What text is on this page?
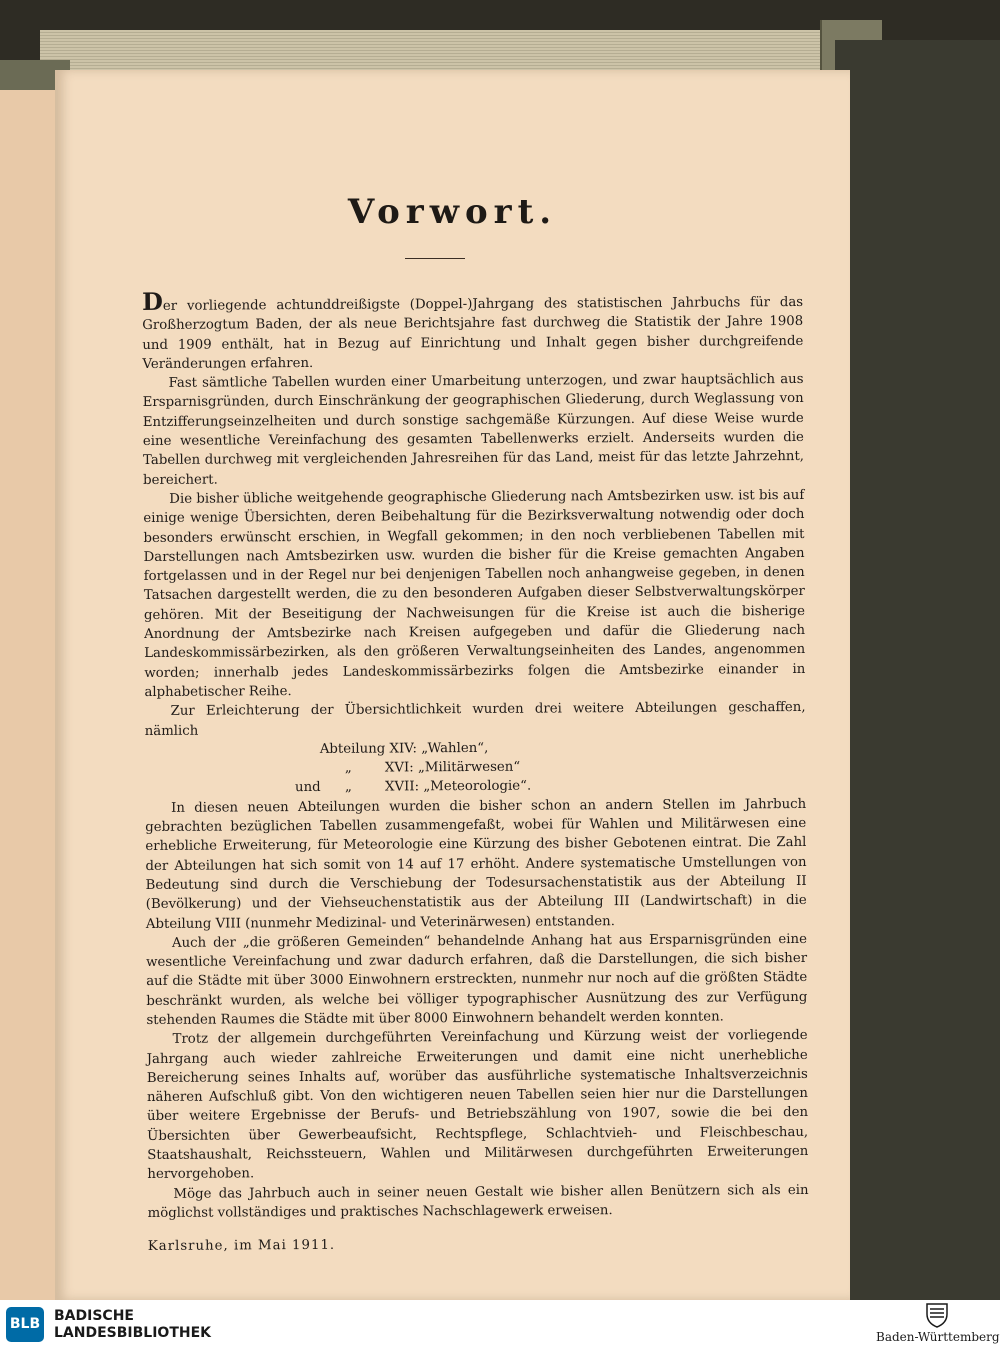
Vorwort.

Der vorliegende achtunddreißigste (Doppel-)Jahrgang des statistischen Jahrbuchs für das Großherzogtum Baden, der als neue Berichtsjahre fast durchweg die Statistik der Jahre 1908 und 1909 enthält, hat in Bezug auf Einrichtung und Inhalt gegen bisher durchgreifende Veränderungen erfahren.

Fast sämtliche Tabellen wurden einer Umarbeitung unterzogen, und zwar hauptsächlich aus Ersparnisgründen, durch Einschränkung der geographischen Gliederung, durch Weglassung von Entzifferungseinzelheiten und durch sonstige sachgemäße Kürzungen. Auf diese Weise wurde eine wesentliche Vereinfachung des gesamten Tabellenwerks erzielt. Anderseits wurden die Tabellen durchweg mit vergleichenden Jahresreihen für das Land, meist für das letzte Jahrzehnt, bereichert.

Die bisher übliche weitgehende geographische Gliederung nach Amtsbezirken usw. ist bis auf einige wenige Übersichten, deren Beibehaltung für die Bezirksverwaltung notwendig oder doch besonders erwünscht erschien, in Wegfall gekommen; in den noch verbliebenen Tabellen mit Darstellungen nach Amtsbezirken usw. wurden die bisher für die Kreise gemachten Angaben fortgelassen und in der Regel nur bei denjenigen Tabellen noch anhangweise gegeben, in denen Tatsachen dargestellt werden, die zu den besonderen Aufgaben dieser Selbstverwaltungskörper gehören. Mit der Beseitigung der Nachweisungen für die Kreise ist auch die bisherige Anordnung der Amtsbezirke nach Kreisen aufgegeben und dafür die Gliederung nach Landeskommissärbezirken, als den größeren Verwaltungseinheiten des Landes, angenommen worden; innerhalb jedes Landeskommissärbezirks folgen die Amtsbezirke einander in alphabetischer Reihe.

Zur Erleichterung der Übersichtlichkeit wurden drei weitere Abteilungen geschaffen, nämlich

Abteilung XIV: „Wahlen“,
„ XVI: „Militärwesen“
und „ XVII: „Meteorologie“.

In diesen neuen Abteilungen wurden die bisher schon an andern Stellen im Jahrbuch gebrachten bezüglichen Tabellen zusammengefaßt, wobei für Wahlen und Militärwesen eine erhebliche Erweiterung, für Meteorologie eine Kürzung des bisher Gebotenen eintrat. Die Zahl der Abteilungen hat sich somit von 14 auf 17 erhöht. Andere systematische Umstellungen von Bedeutung sind durch die Verschiebung der Todesursachenstatistik aus der Abteilung II (Bevölkerung) und der Viehseuchenstatistik aus der Abteilung III (Landwirtschaft) in die Abteilung VIII (nunmehr Medizinal- und Veterinärwesen) entstanden.

Auch der „die größeren Gemeinden“ behandelnde Anhang hat aus Ersparnisgründen eine wesentliche Vereinfachung und zwar dadurch erfahren, daß die Darstellungen, die sich bisher auf die Städte mit über 3000 Einwohnern erstreckten, nunmehr nur noch auf die größten Städte beschränkt wurden, als welche bei völliger typographischer Ausnützung des zur Verfügung stehenden Raumes die Städte mit über 8000 Einwohnern behandelt werden konnten.

Trotz der allgemein durchgeführten Vereinfachung und Kürzung weist der vorliegende Jahrgang auch wieder zahlreiche Erweiterungen und damit eine nicht unerhebliche Bereicherung seines Inhalts auf, worüber das ausführliche systematische Inhaltsverzeichnis näheren Aufschluß gibt. Von den wichtigeren neuen Tabellen seien hier nur die Darstellungen über weitere Ergebnisse der Berufs- und Betriebszählung von 1907, sowie die bei den Übersichten über Gewerbeaufsicht, Rechtspflege, Schlachtvieh- und Fleischbeschau, Staatshaushalt, Reichssteuern, Wahlen und Militärwesen durchgeführten Erweiterungen hervorgehoben.

Möge das Jahrbuch auch in seiner neuen Gestalt wie bisher allen Benützern sich als ein möglichst vollständiges und praktisches Nachschlagewerk erweisen.

Karlsruhe, im Mai 1911.
BLB BADISCHE
LANDESBIBLIOTHEK	Baden-Württemberg
